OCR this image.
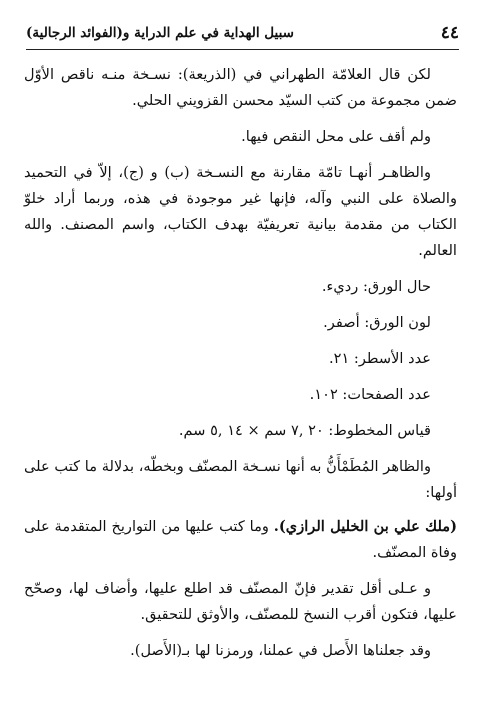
٤٤
سبيل الهداية في علم الدراية و(الفوائد الرجالية)

لكن قال العلامّة الطهراني في (الذريعة): نسـخة منـه ناقص الأوّل ضمن مجموعة من كتب السيّد محسن القزويني الحلي.

ولم أقف على محل النقص فيها.

والظاهـر أنهـا تامّة مقارنة مع النسـخة (ب) و (ج)، إلاّ في التحميد والصلاة على النبي وآله، فإنها غير موجودة في هذه، وربما أراد خلوّ الكتاب من مقدمة بيانية تعريفيّة بهدف الكتاب، واسم المصنف. والله العالم.

حال الورق: رديء.

لون الورق: أصفر.

عدد الأسطر: ٢١.

عدد الصفحات: ١٠٢.

قياس المخطوط: ٢٠ ,٧ سم × ١٤ ,٥ سم.

والظاهر المُطَمْأَنُّ به أنها نسـخة المصنّف وبخطّه، بدلالة ما كتب على أولها:

(ملك علي بن الخليل الرازي). وما كتب عليها من التواريخ المتقدمة على وفاة المصنّف.

و عـلى أقل تقدير فإنّ المصنّف قد اطلع عليها، وأضاف لها، وصحّح عليها، فتكون أقرب النسخ للمصنّف، والأوثق للتحقيق.

وقد جعلناها الأَصل في عملنا، ورمزنا لها بـ(الأَصل).
